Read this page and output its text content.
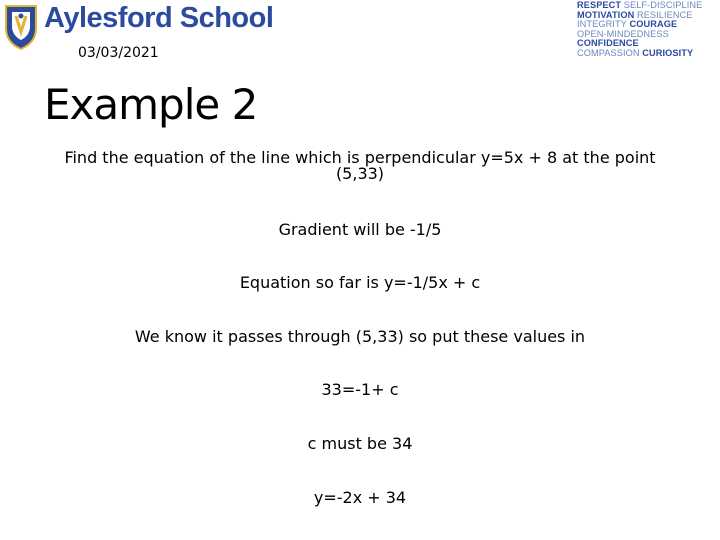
Aylesford School
03/03/2021
RESPECT SELF-DISCIPLINE
MOTIVATION RESILIENCE
INTEGRITY COURAGE
OPEN-MINDEDNESS
CONFIDENCE
COMPASSION CURIOSITY
Example 2
Find the equation of the line which is perpendicular y=5x + 8 at the point (5,33)
Gradient will be -1/5
Equation so far is y=-1/5x + c
We know it passes through (5,33) so put these values in
33=-1+ c
c must be 34
y=-2x + 34
